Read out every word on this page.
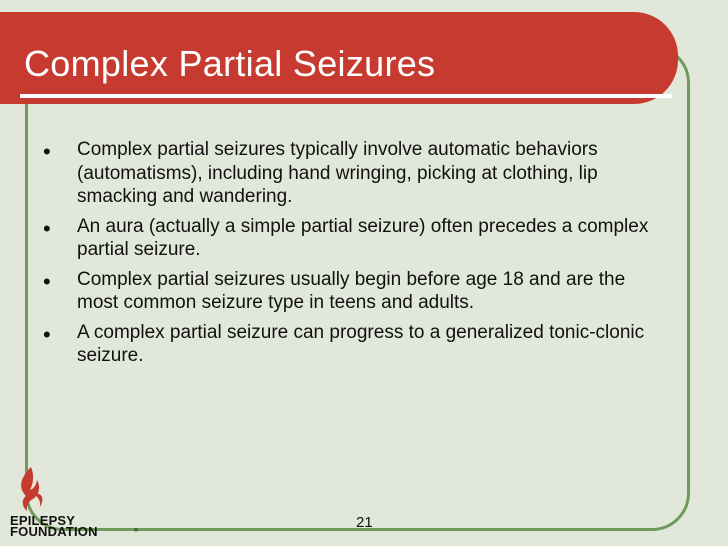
Complex Partial Seizures
• Complex partial seizures typically involve automatic behaviors (automatisms), including hand wringing, picking at clothing, lip smacking and wandering.
• An aura (actually a simple partial seizure) often precedes a complex partial seizure.
• Complex partial seizures usually begin before age 18 and are the most common seizure type in teens and adults.
• A complex partial seizure can progress to a generalized tonic-clonic seizure.
EPILEPSY
FOUNDATION	®	21
